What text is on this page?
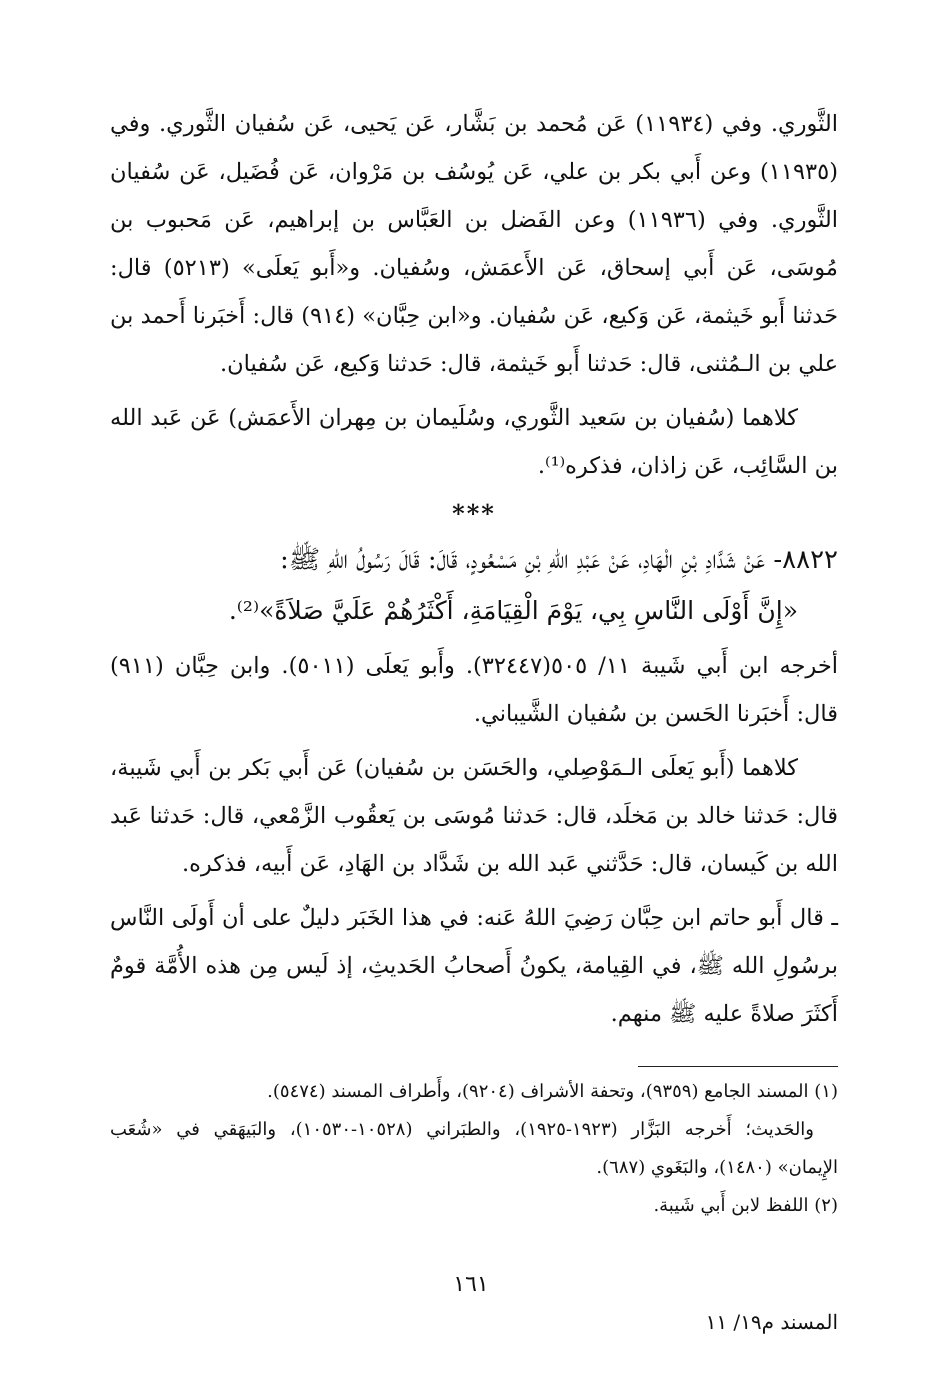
الثَّوري. وفي (١١٩٣٤) عَن مُحمد بن بَشَّار، عَن يَحيى، عَن سُفيان الثَّوري. وفي (١١٩٣٥) وعن أَبي بكر بن علي، عَن يُوسُف بن مَرْوان، عَن فُضَيل، عَن سُفيان الثَّوري. وفي (١١٩٣٦) وعن الفَضل بن العَبَّاس بن إبراهيم، عَن مَحبوب بن مُوسَى، عَن أَبي إسحاق، عَن الأَعمَش، وسُفيان. و«أَبو يَعلَى» (٥٢١٣) قال: حَدثنا أَبو خَيثمة، عَن وَكيع، عَن سُفيان. و«ابن حِبَّان» (٩١٤) قال: أَخبَرنا أَحمد بن علي بن الـمُثنى، قال: حَدثنا أَبو خَيثمة، قال: حَدثنا وَكيع، عَن سُفيان.

كلاهما (سُفيان بن سَعيد الثَّوري، وسُلَيمان بن مِهران الأَعمَش) عَن عَبد الله بن السَّائِب، عَن زاذان، فذكره⁽¹⁾.

***

٨٨٢٢- عَنْ شَدَّادِ بْنِ الْهَادِ، عَنْ عَبْدِ اللهِ بْنِ مَسْعُودٍ، قَالَ: قَالَ رَسُولُ اللهِ ﷺ:

«إِنَّ أَوْلَى النَّاسِ بِي، يَوْمَ الْقِيَامَةِ، أَكْثَرُهُمْ عَلَيَّ صَلاَةً»⁽²⁾.

أخرجه ابن أَبي شَيبة ١١/ ٥٠٥(٣٢٤٤٧). وأَبو يَعلَى (٥٠١١). وابن حِبَّان (٩١١) قال: أَخبَرنا الحَسن بن سُفيان الشَّيباني.

كلاهما (أَبو يَعلَى الـمَوْصِلي، والحَسَن بن سُفيان) عَن أَبي بَكر بن أَبي شَيبة، قال: حَدثنا خالد بن مَخلَد، قال: حَدثنا مُوسَى بن يَعقُوب الزَّمْعي، قال: حَدثنا عَبد الله بن كَيسان، قال: حَدَّثني عَبد الله بن شَدَّاد بن الهَادِ، عَن أَبيه، فذكره.

ـ قال أَبو حاتم ابن حِبَّان رَضِيَ اللهُ عَنه: في هذا الخَبَر دليلٌ على أن أَولَى النَّاس برسُولِ الله ﷺ، في القِيامة، يكونُ أَصحابُ الحَديثِ، إذ لَيس مِن هذه الأُمَّة قومٌ أَكثَرَ صلاةً عليه ﷺ منهم.

(١) المسند الجامع (٩٣٥٩)، وتحفة الأشراف (٩٢٠٤)، وأَطراف المسند (٥٤٧٤).

والحَديث؛ أَخرجه البَزَّار (١٩٢٣-١٩٢٥)، والطبَراني (١٠٥٢٨-١٠٥٣٠)، والبَيهَقي في «شُعَب الإِيمان» (١٤٨٠)، والبَغَوي (٦٨٧).

(٢) اللفظ لابن أَبي شَيبة.

١٦١
المسند م١٩/ ١١
